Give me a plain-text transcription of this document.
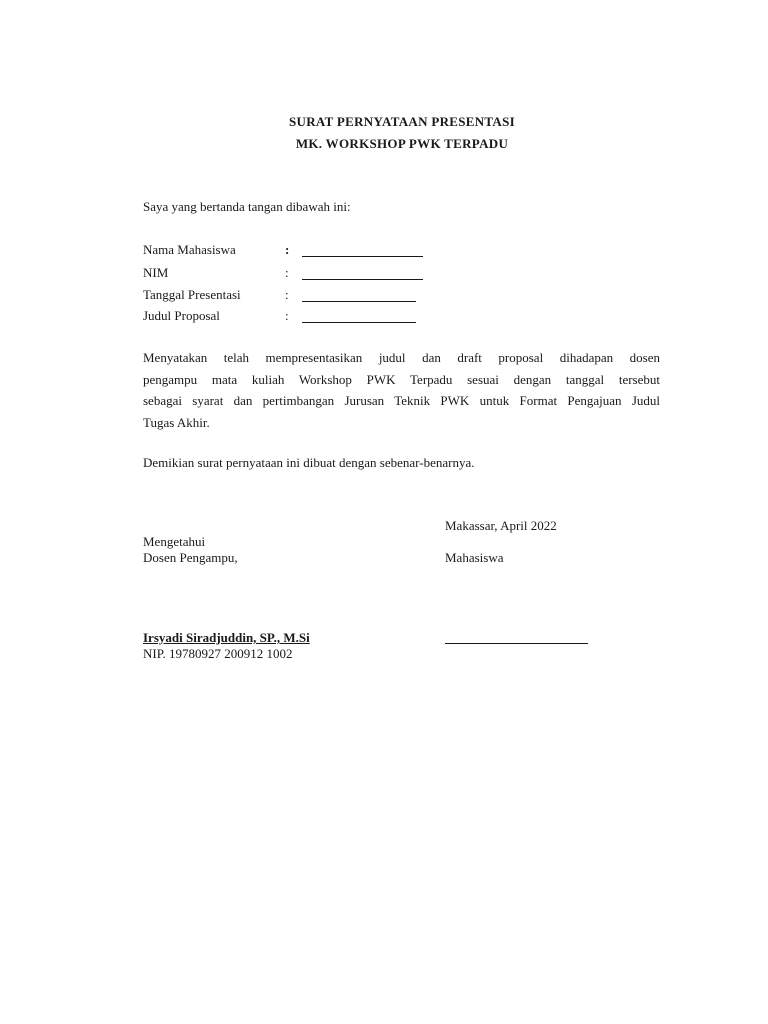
SURAT PERNYATAAN PRESENTASI
MK. WORKSHOP PWK TERPADU
Saya yang bertanda tangan dibawah ini:
Nama Mahasiswa	:
NIM	:
Tanggal Presentasi	:
Judul Proposal	:
Menyatakan telah mempresentasikan judul dan draft proposal dihadapan dosen
pengampu mata kuliah Workshop PWK Terpadu sesuai dengan tanggal tersebut
sebagai syarat dan pertimbangan Jurusan Teknik PWK untuk Format Pengajuan Judul
Tugas Akhir.
Demikian surat pernyataan ini dibuat dengan sebenar-benarnya.
Makassar, April 2022
Mengetahui
Dosen Pengampu,	Mahasiswa
Irsyadi Siradjuddin, SP., M.Si
NIP. 19780927 200912 1002
